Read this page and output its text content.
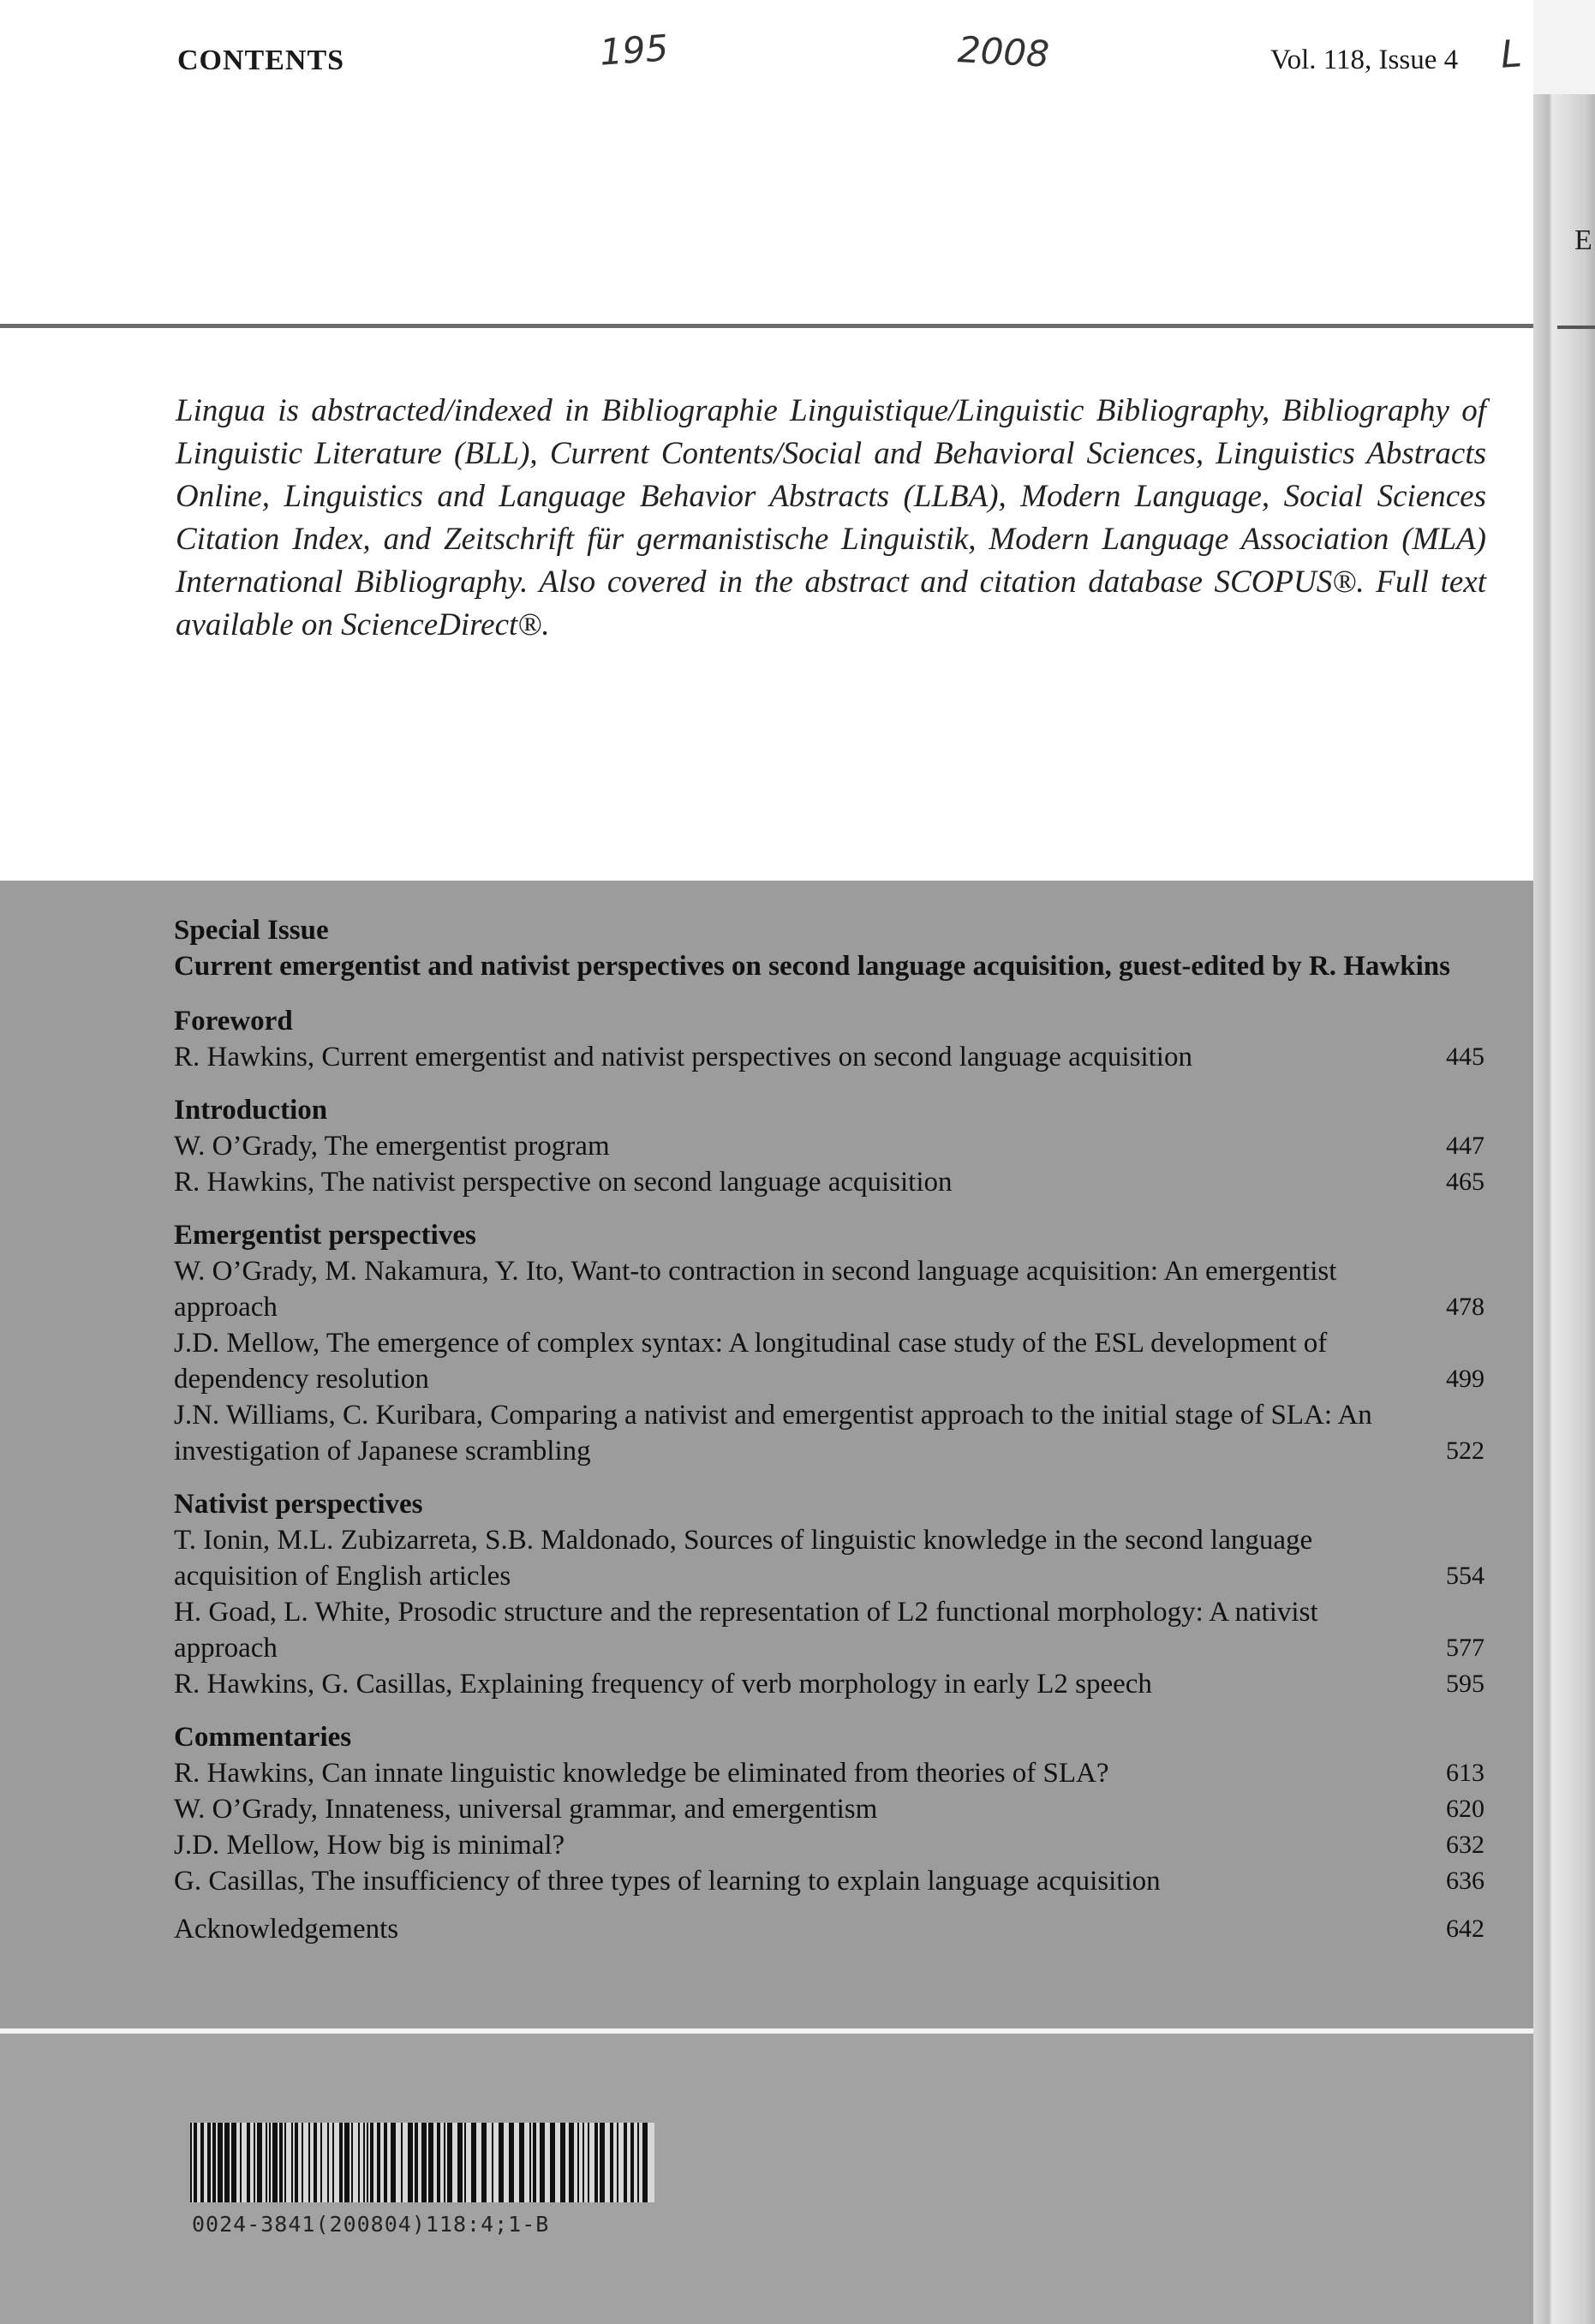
E
CONTENTS	195	2008	Vol. 118, Issue 4 L
Lingua is abstracted/indexed in Bibliographie Linguistique/Linguistic Bibliography, Bibliography of Linguistic Literature (BLL), Current Contents/Social and Behavioral Sciences, Linguistics Abstracts Online, Linguistics and Language Behavior Abstracts (LLBA), Modern Language, Social Sciences Citation Index, and Zeitschrift für germanistische Linguistik, Modern Language Association (MLA) International Bibliography. Also covered in the abstract and citation database SCOPUS®. Full text available on ScienceDirect®.
Special Issue
Current emergentist and nativist perspectives on second language acquisition, guest-edited by R. Hawkins
Foreword
R. Hawkins, Current emergentist and nativist perspectives on second language acquisition	445
Introduction
W. O’Grady, The emergentist program	447
R. Hawkins, The nativist perspective on second language acquisition	465
Emergentist perspectives
W. O’Grady, M. Nakamura, Y. Ito, Want-to contraction in second language acquisition: An emergentist approach	478
J.D. Mellow, The emergence of complex syntax: A longitudinal case study of the ESL development of dependency resolution	499
J.N. Williams, C. Kuribara, Comparing a nativist and emergentist approach to the initial stage of SLA: An investigation of Japanese scrambling	522
Nativist perspectives
T. Ionin, M.L. Zubizarreta, S.B. Maldonado, Sources of linguistic knowledge in the second language acquisition of English articles	554
H. Goad, L. White, Prosodic structure and the representation of L2 functional morphology: A nativist approach	577
R. Hawkins, G. Casillas, Explaining frequency of verb morphology in early L2 speech	595
Commentaries
R. Hawkins, Can innate linguistic knowledge be eliminated from theories of SLA?	613
W. O’Grady, Innateness, universal grammar, and emergentism	620
J.D. Mellow, How big is minimal?	632
G. Casillas, The insufficiency of three types of learning to explain language acquisition	636
Acknowledgements	642
0024-3841(200804)118:4;1-B
